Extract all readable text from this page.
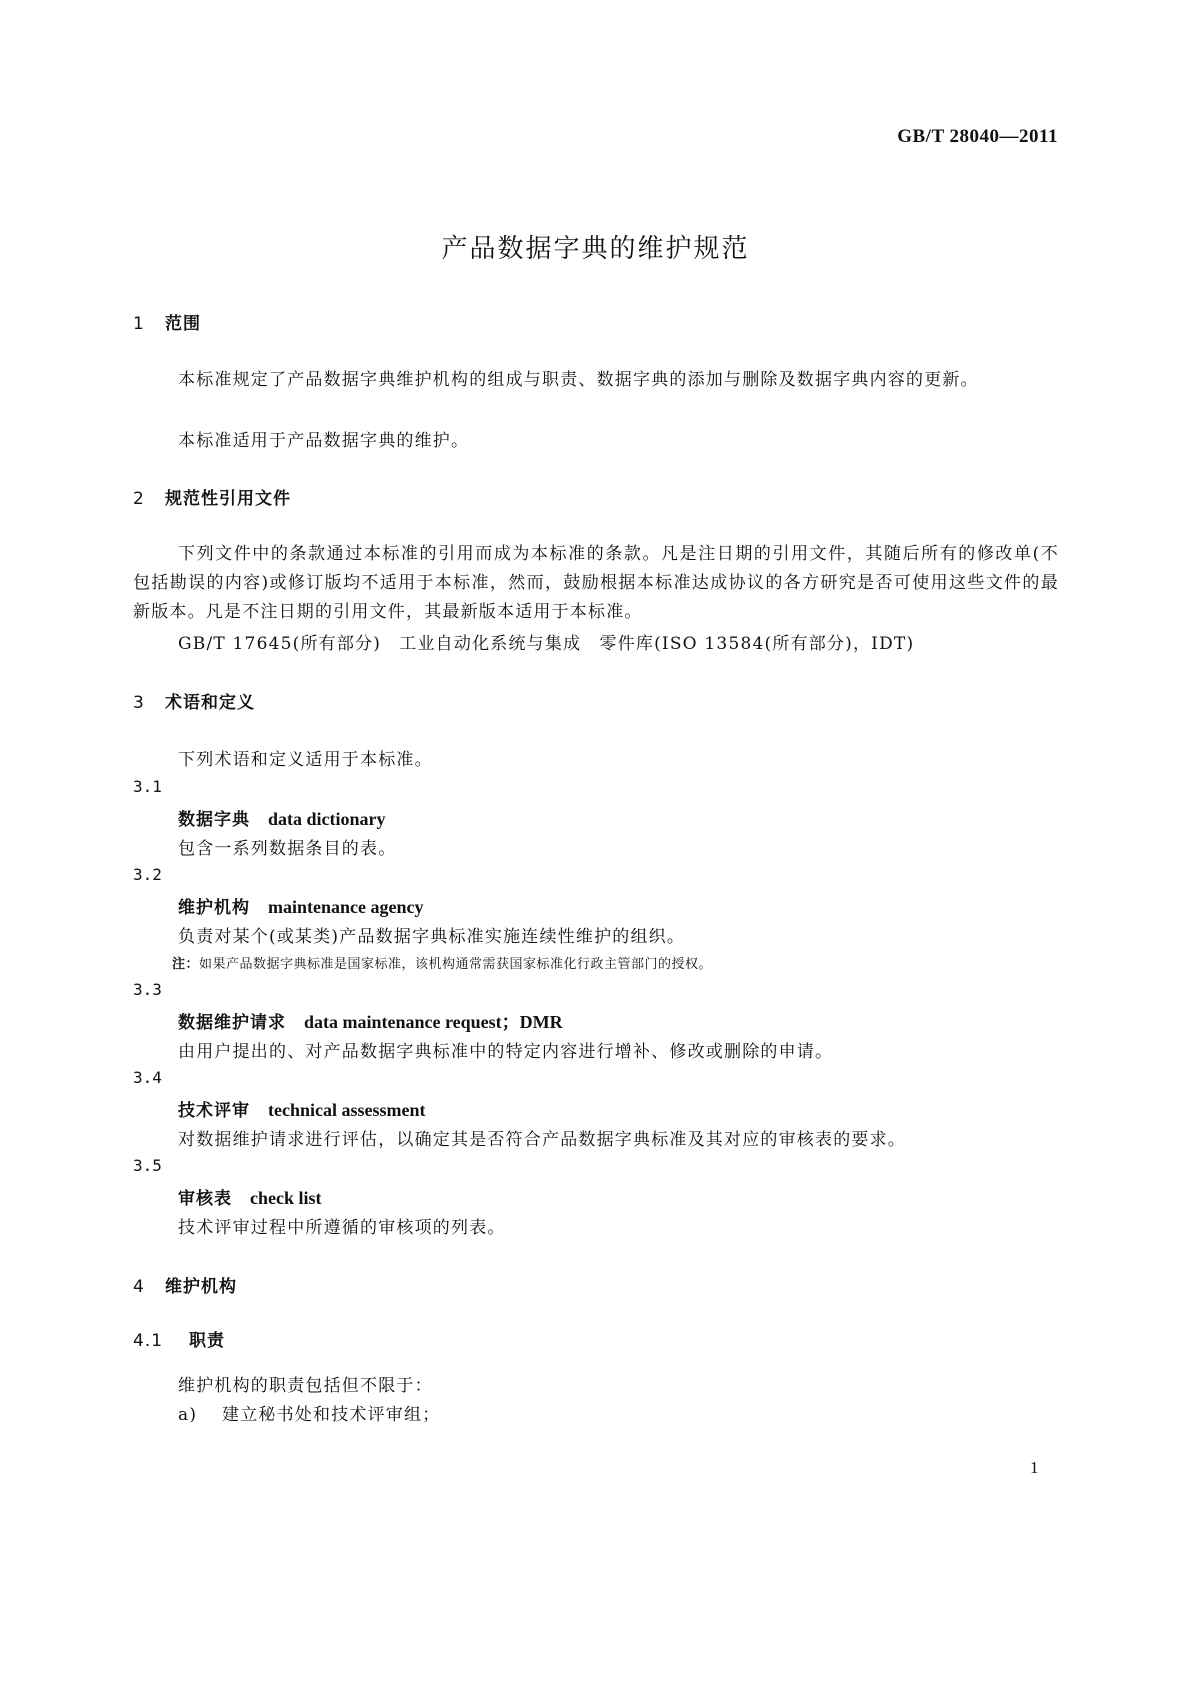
GB/T 28040—2011
产品数据字典的维护规范
1 范围
本标准规定了产品数据字典维护机构的组成与职责、数据字典的添加与删除及数据字典内容的更新。
本标准适用于产品数据字典的维护。
2 规范性引用文件
下列文件中的条款通过本标准的引用而成为本标准的条款。凡是注日期的引用文件，其随后所有的修改单(不包括勘误的内容)或修订版均不适用于本标准，然而，鼓励根据本标准达成协议的各方研究是否可使用这些文件的最新版本。凡是不注日期的引用文件，其最新版本适用于本标准。
GB/T 17645(所有部分)　工业自动化系统与集成　零件库(ISO 13584(所有部分)，IDT)
3 术语和定义
下列术语和定义适用于本标准。
3.1
数据字典 data dictionary
包含一系列数据条目的表。
3.2
维护机构 maintenance agency
负责对某个(或某类)产品数据字典标准实施连续性维护的组织。
注：如果产品数据字典标准是国家标准，该机构通常需获国家标准化行政主管部门的授权。
3.3
数据维护请求 data maintenance request；DMR
由用户提出的、对产品数据字典标准中的特定内容进行增补、修改或删除的申请。
3.4
技术评审 technical assessment
对数据维护请求进行评估，以确定其是否符合产品数据字典标准及其对应的审核表的要求。
3.5
审核表 check list
技术评审过程中所遵循的审核项的列表。
4 维护机构
4.1 职责
维护机构的职责包括但不限于：
a) 建立秘书处和技术评审组；
1
